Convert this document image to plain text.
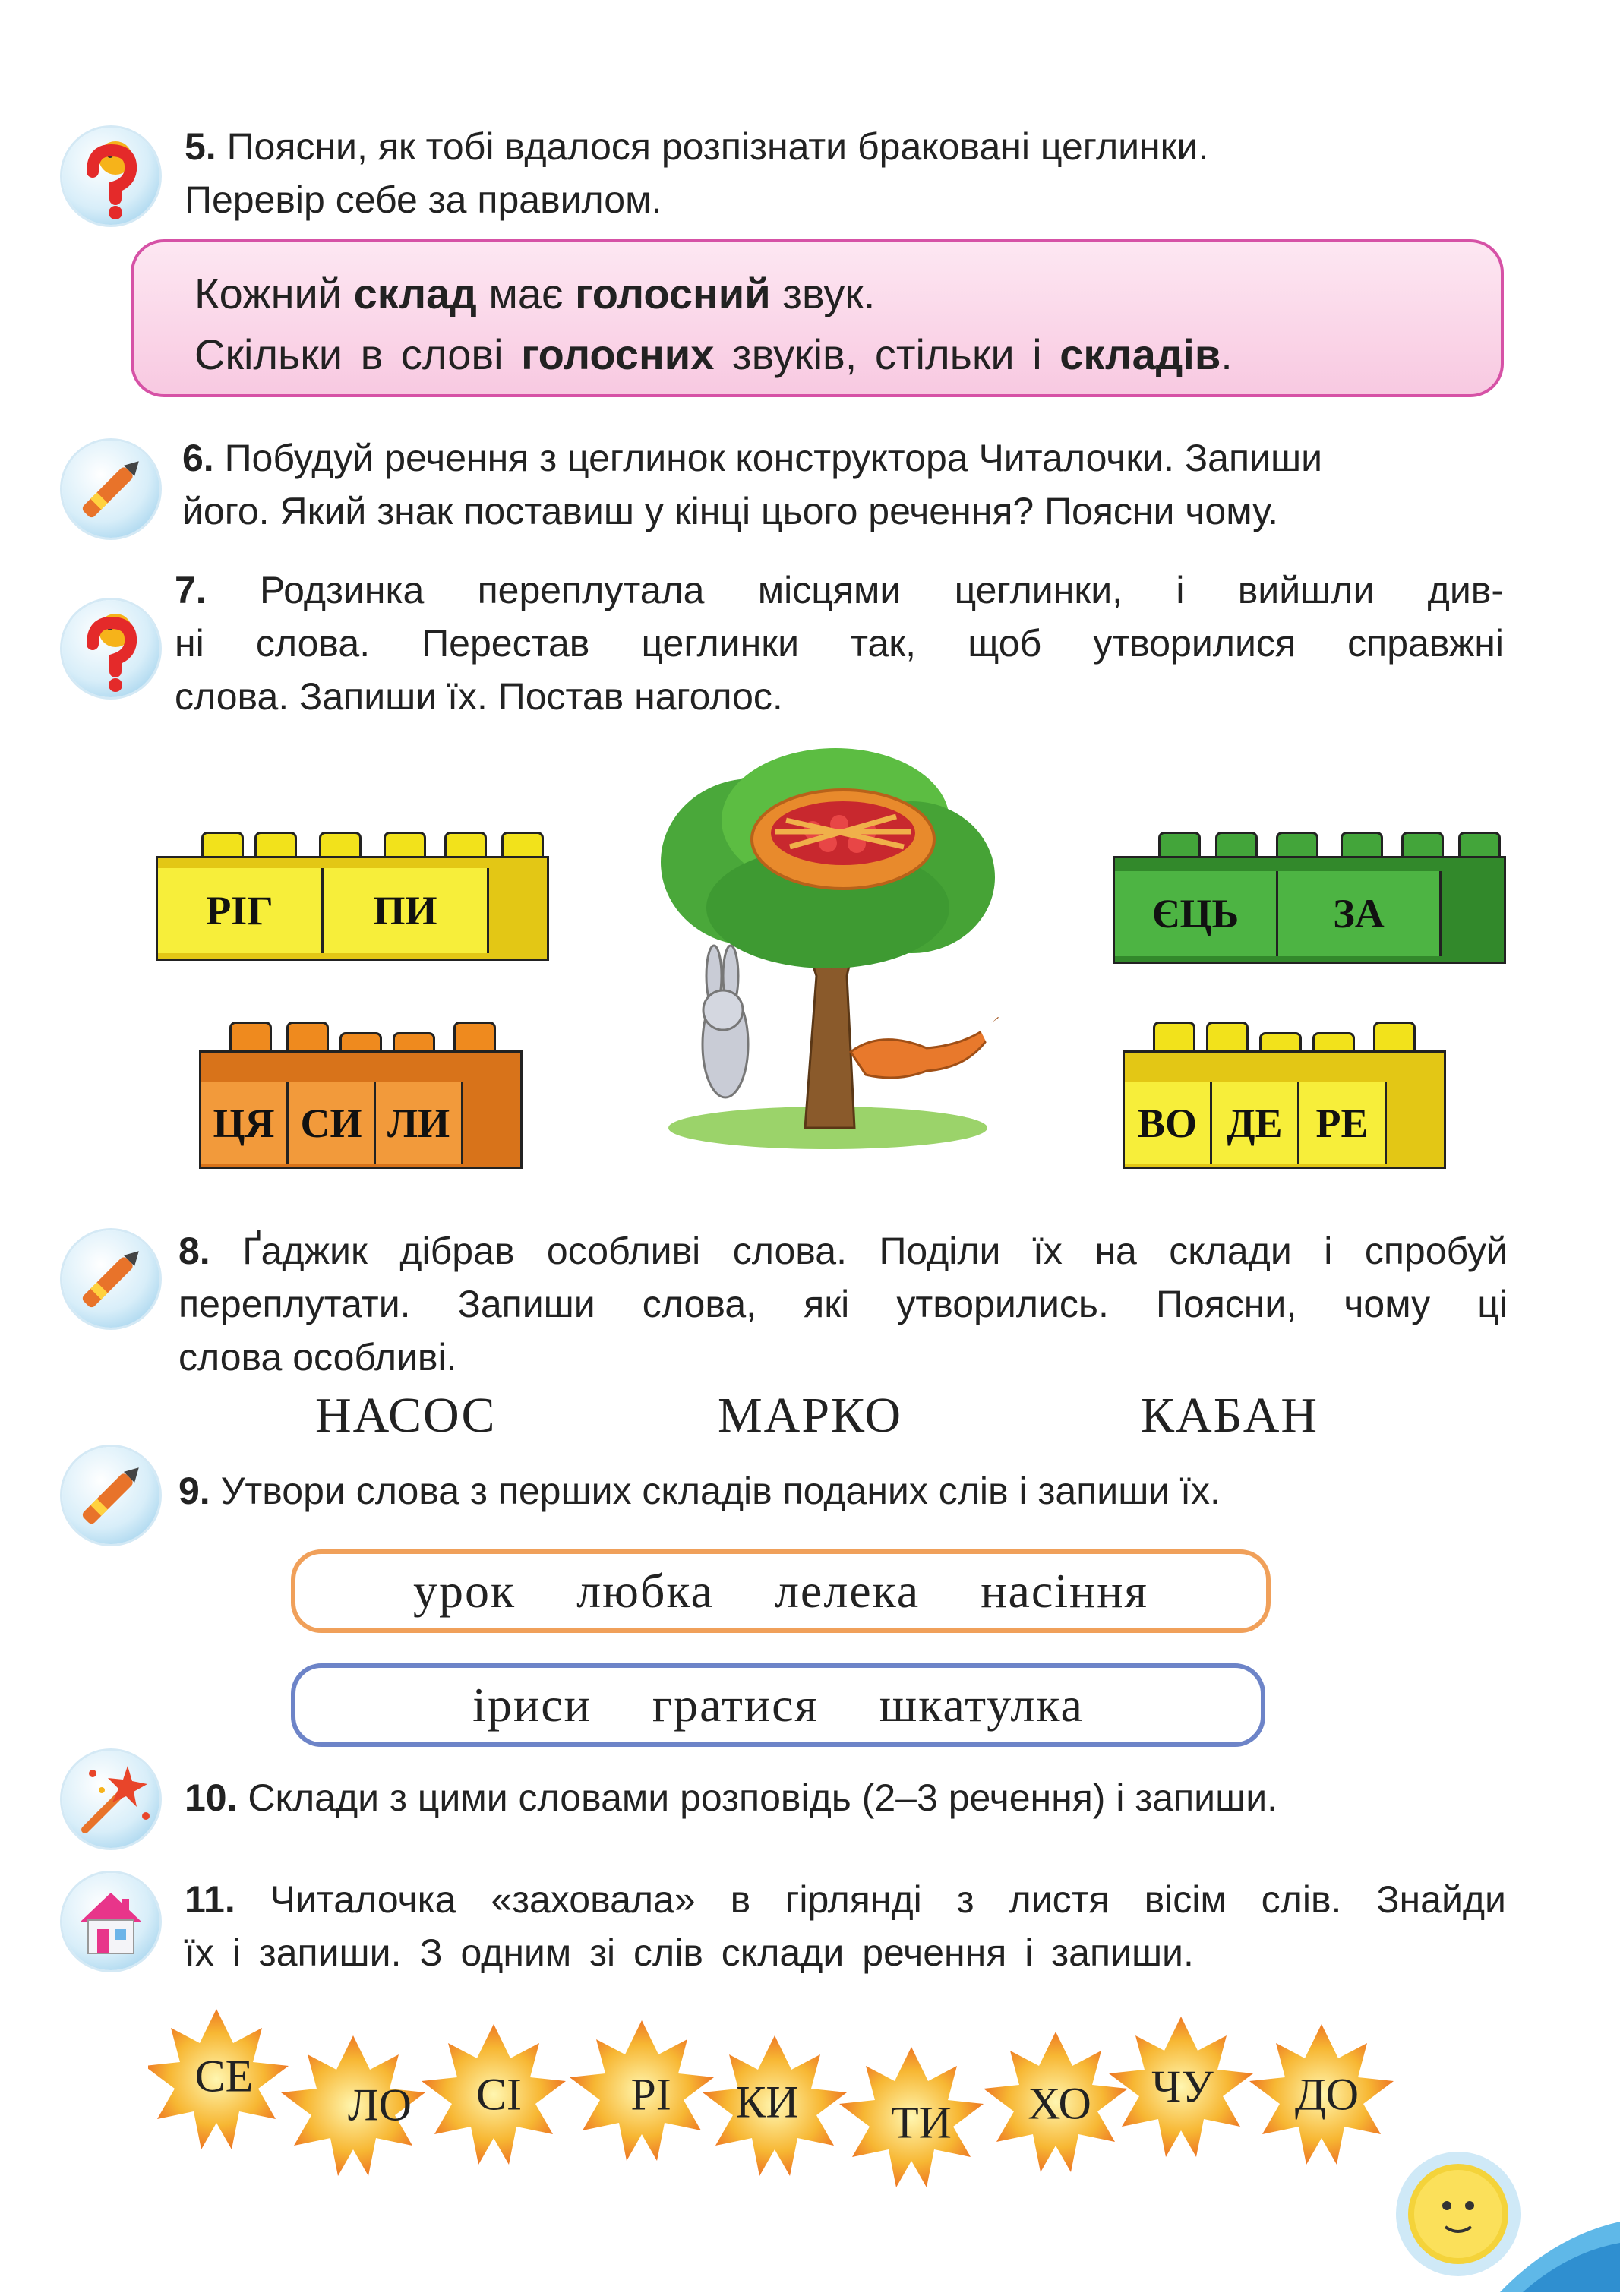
5. Поясни, як тобі вдалося розпізнати браковані цеглинки.
Перевір себе за правилом.
Кожний склад має голосний звук.
Скільки в слові голосних звуків, стільки і складів.
6. Побудуй речення з цеглинок конструктора Читалочки. Запиши
його. Який знак поставиш у кінці цього речення? Поясни чому.
7. Родзинка переплутала місцями цеглинки, і вийшли див-
ні слова. Перестав цеглинки так, щоб утворилися справжні
слова. Запиши їх. Постав наголос.
РІГ	ПИ
ЦЯ СИ ЛИ
ЄЦЬ	ЗА
ВО ДЕ РЕ
8. Ґаджик дібрав особливі слова. Поділи їх на склади і спробуй
переплутати. Запиши слова, які утворились. Поясни, чому ці
слова особливі.
НАСОС	МАРКО	КАБАН
9. Утвори слова з перших складів поданих слів і запиши їх.
урок любка лелека насіння
іриси гратися шкатулка
10. Склади з цими словами розповідь (2–3 речення) і запиши.
11. Читалочка «заховала» в гірлянді з листя вісім слів. Знайди
їх і запиши. З одним зі слів склади речення і запиши.
СЕ
ЛО СІ РІ КИ ТИ ХО ЧУ ДО
